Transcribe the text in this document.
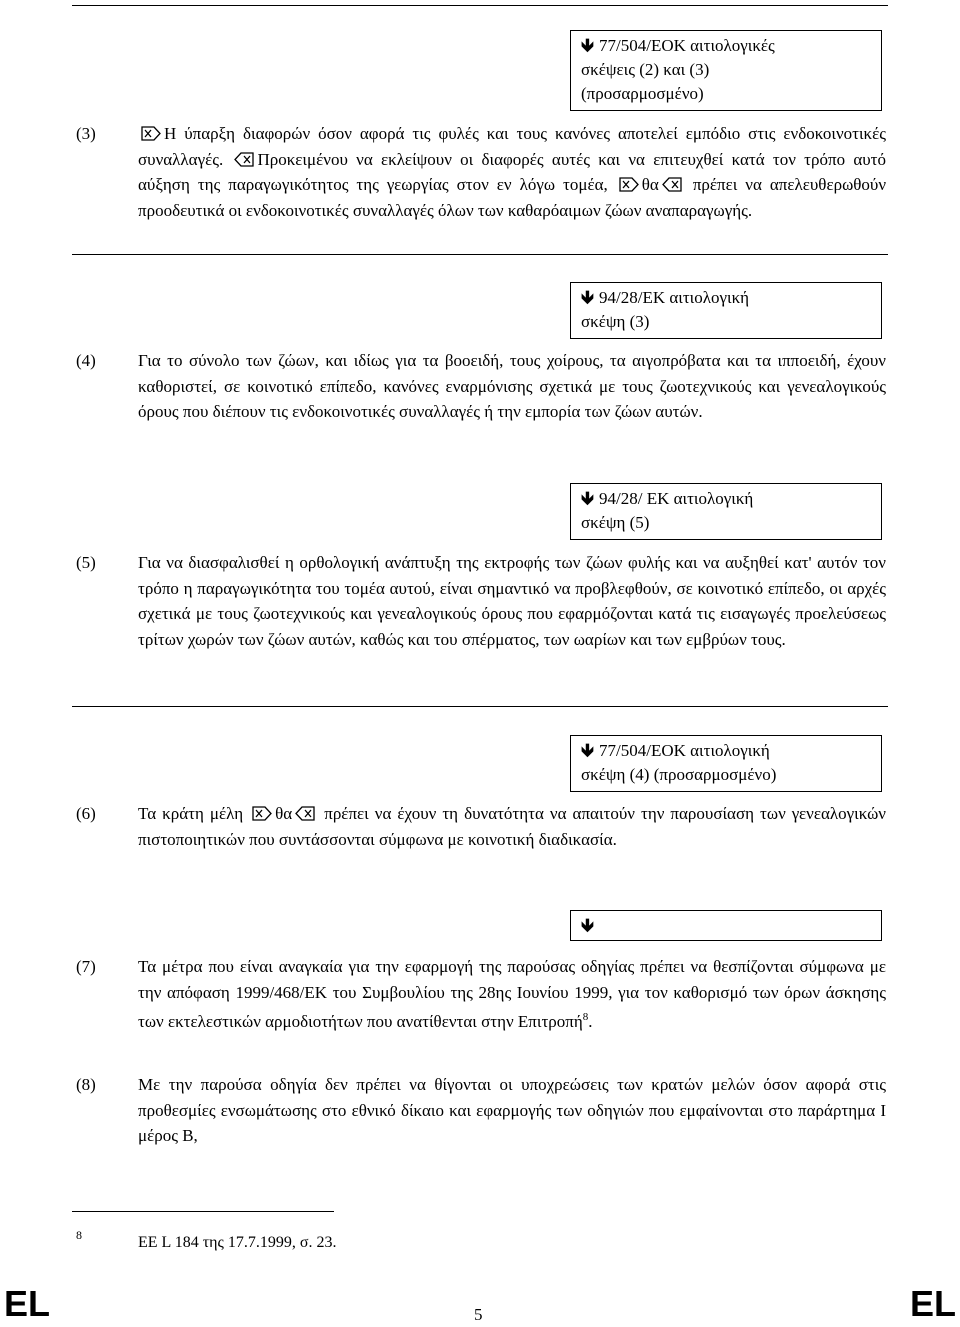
🡻 77/504/ΕΟΚ αιτιολογικές
σκέψεις (2) και (3)
(προσαρμοσμένο)
(3)	Η ύπαρξη διαφορών όσον αφορά τις φυλές και τους κανόνες αποτελεί εμπόδιο στις ενδοκοινοτικές συναλλαγές. Προκειμένου να εκλείψουν οι διαφορές αυτές και να επιτευχθεί κατά τον τρόπο αυτό αύξηση της παραγωγικότητος της γεωργίας στον εν λόγω τομέα, θα πρέπει να απελευθερωθούν προοδευτικά οι ενδοκοινοτικές συναλλαγές όλων των καθαρόαιμων ζώων αναπαραγωγής.
🡻 94/28/ΕΚ αιτιολογική
σκέψη (3)
(4)	Για το σύνολο των ζώων, και ιδίως για τα βοοειδή, τους χοίρους, τα αιγοπρόβατα και τα ιπποειδή, έχουν καθοριστεί, σε κοινοτικό επίπεδο, κανόνες εναρμόνισης σχετικά με τους ζωοτεχνικούς και γενεαλογικούς όρους που διέπουν τις ενδοκοινοτικές συναλλαγές ή την εμπορία των ζώων αυτών.
🡻 94/28/ ΕΚ αιτιολογική
σκέψη (5)
(5)	Για να διασφαλισθεί η ορθολογική ανάπτυξη της εκτροφής των ζώων φυλής και να αυξηθεί κατ' αυτόν τον τρόπο η παραγωγικότητα του τομέα αυτού, είναι σημαντικό να προβλεφθούν, σε κοινοτικό επίπεδο, οι αρχές σχετικά με τους ζωοτεχνικούς και γενεαλογικούς όρους που εφαρμόζονται κατά τις εισαγωγές προελεύσεως τρίτων χωρών των ζώων αυτών, καθώς και του σπέρματος, των ωαρίων και των εμβρύων τους.
🡻 77/504/ΕΟΚ αιτιολογική
σκέψη (4) (προσαρμοσμένο)
(6)	Τα κράτη μέλη θα πρέπει να έχουν τη δυνατότητα να απαιτούν την παρουσίαση των γενεαλογικών πιστοποιητικών που συντάσσονται σύμφωνα με κοινοτική διαδικασία.
🡻
(7)	Τα μέτρα που είναι αναγκαία για την εφαρμογή της παρούσας οδηγίας πρέπει να θεσπίζονται σύμφωνα με την απόφαση 1999/468/ΕΚ του Συμβουλίου της 28ης Ιουνίου 1999, για τον καθορισμό των όρων άσκησης των εκτελεστικών αρμοδιοτήτων που ανατίθενται στην Επιτροπή$^8$.
(8)	Με την παρούσα οδηγία δεν πρέπει να θίγονται οι υποχρεώσεις των κρατών μελών όσον αφορά στις προθεσμίες ενσωμάτωσης στο εθνικό δίκαιο και εφαρμογής των οδηγιών που εμφαίνονται στο παράρτημα I μέρος Β,
8	ΕΕ L 184 της 17.7.1999, σ. 23.
EL	5	EL
